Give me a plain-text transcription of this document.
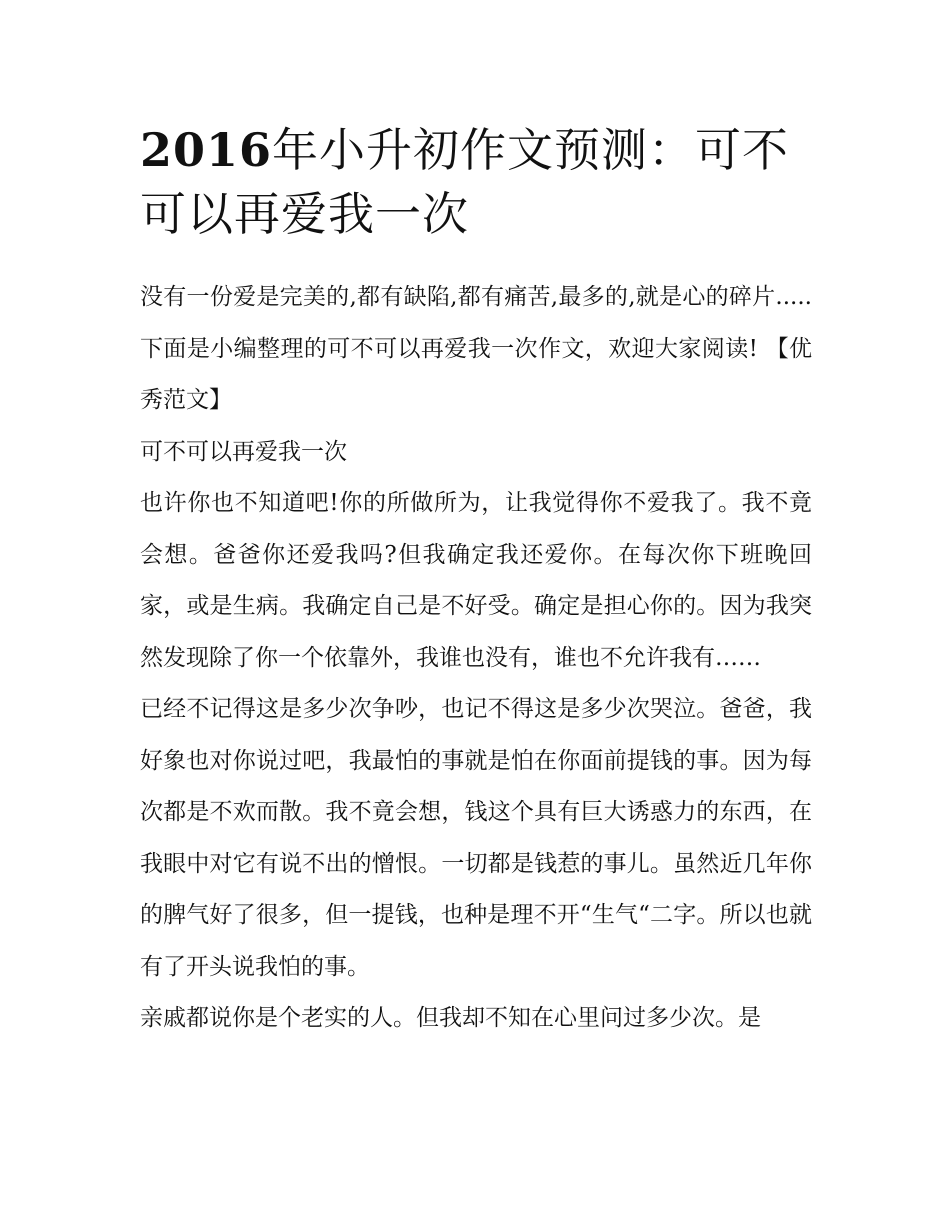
2016年小升初作文预测：可不可以再爱我一次

没有一份爱是完美的,都有缺陷,都有痛苦,最多的,就是心的碎片.....下面是小编整理的可不可以再爱我一次作文，欢迎大家阅读! 【优秀范文】

可不可以再爱我一次

也许你也不知道吧!你的所做所为，让我觉得你不爱我了。我不竟会想。爸爸你还爱我吗?但我确定我还爱你。在每次你下班晚回家，或是生病。我确定自己是不好受。确定是担心你的。因为我突然发现除了你一个依靠外，我谁也没有，谁也不允许我有……

已经不记得这是多少次争吵，也记不得这是多少次哭泣。爸爸，我好象也对你说过吧，我最怕的事就是怕在你面前提钱的事。因为每次都是不欢而散。我不竟会想，钱这个具有巨大诱惑力的东西，在我眼中对它有说不出的憎恨。一切都是钱惹的事儿。虽然近几年你的脾气好了很多，但一提钱，也种是理不开“生气“二字。所以也就有了开头说我怕的事。

亲戚都说你是个老实的人。但我却不知在心里问过多少次。是
